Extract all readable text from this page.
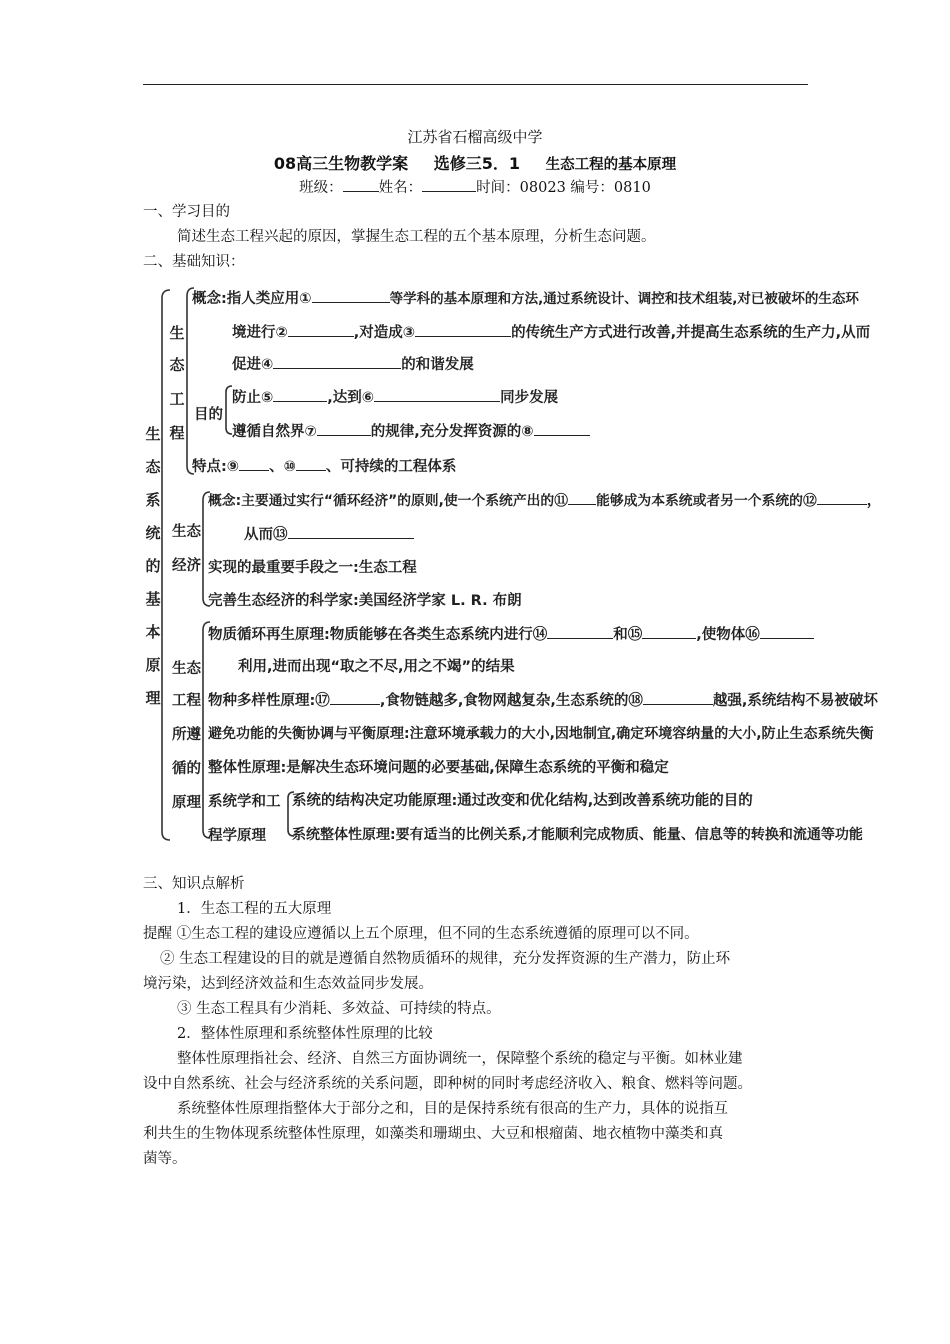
江苏省石榴高级中学
08高三生物教学案 选修三5．1 生态工程的基本原理
班级： 姓名：	时间：08023 编号：0810
一、学习目的
简述生态工程兴起的原因，掌握生态工程的五个基本原理，分析生态问题。
二、基础知识：
生
态
系
统
的
基
本
原
理
生
态
工
程
生态
经济
生态
工程
所遵
循的
原理
概念:指人类应用①	等学科的基本原理和方法,通过系统设计、调控和技术组装,对已被破坏的生态环
境进行②	,对造成③	的传统生产方式进行改善,并提高生态系统的生产力,从而
促进④	的和谐发展
目的
防止⑤	,达到⑥	同步发展
遵循自然界⑦	的规律,充分发挥资源的⑧
特点:⑨ 、⑩ 、可持续的工程体系
概念:主要通过实行“循环经济”的原则,使一个系统产出的⑪ 能够成为本系统或者另一个系统的⑫	，
从而⑬
实现的最重要手段之一:生态工程
完善生态经济的科学家:美国经济学家 L. R. 布朗
物质循环再生原理:物质能够在各类生态系统内进行⑭	和⑮	,使物体⑯
利用,进而出现“取之不尽,用之不竭”的结果
物种多样性原理:⑰	,食物链越多,食物网越复杂,生态系统的⑱	越强,系统结构不易被破坏
避免功能的失衡协调与平衡原理:注意环境承载力的大小,因地制宜,确定环境容纳量的大小,防止生态系统失衡
整体性原理:是解决生态环境问题的必要基础,保障生态系统的平衡和稳定
系统学和工
程学原理
系统的结构决定功能原理:通过改变和优化结构,达到改善系统功能的目的
系统整体性原理:要有适当的比例关系,才能顺利完成物质、能量、信息等的转换和流通等功能
三、知识点解析
1．生态工程的五大原理
提醒 ①生态工程的建设应遵循以上五个原理，但不同的生态系统遵循的原理可以不同。
② 生态工程建设的目的就是遵循自然物质循环的规律，充分发挥资源的生产潜力，防止环
境污染，达到经济效益和生态效益同步发展。
③ 生态工程具有少消耗、多效益、可持续的特点。
2．整体性原理和系统整体性原理的比较
整体性原理指社会、经济、自然三方面协调统一，保障整个系统的稳定与平衡。如林业建
设中自然系统、社会与经济系统的关系问题，即种树的同时考虑经济收入、粮食、燃料等问题。
系统整体性原理指整体大于部分之和，目的是保持系统有很高的生产力，具体的说指互
利共生的生物体现系统整体性原理，如藻类和珊瑚虫、大豆和根瘤菌、地衣植物中藻类和真
菌等。
